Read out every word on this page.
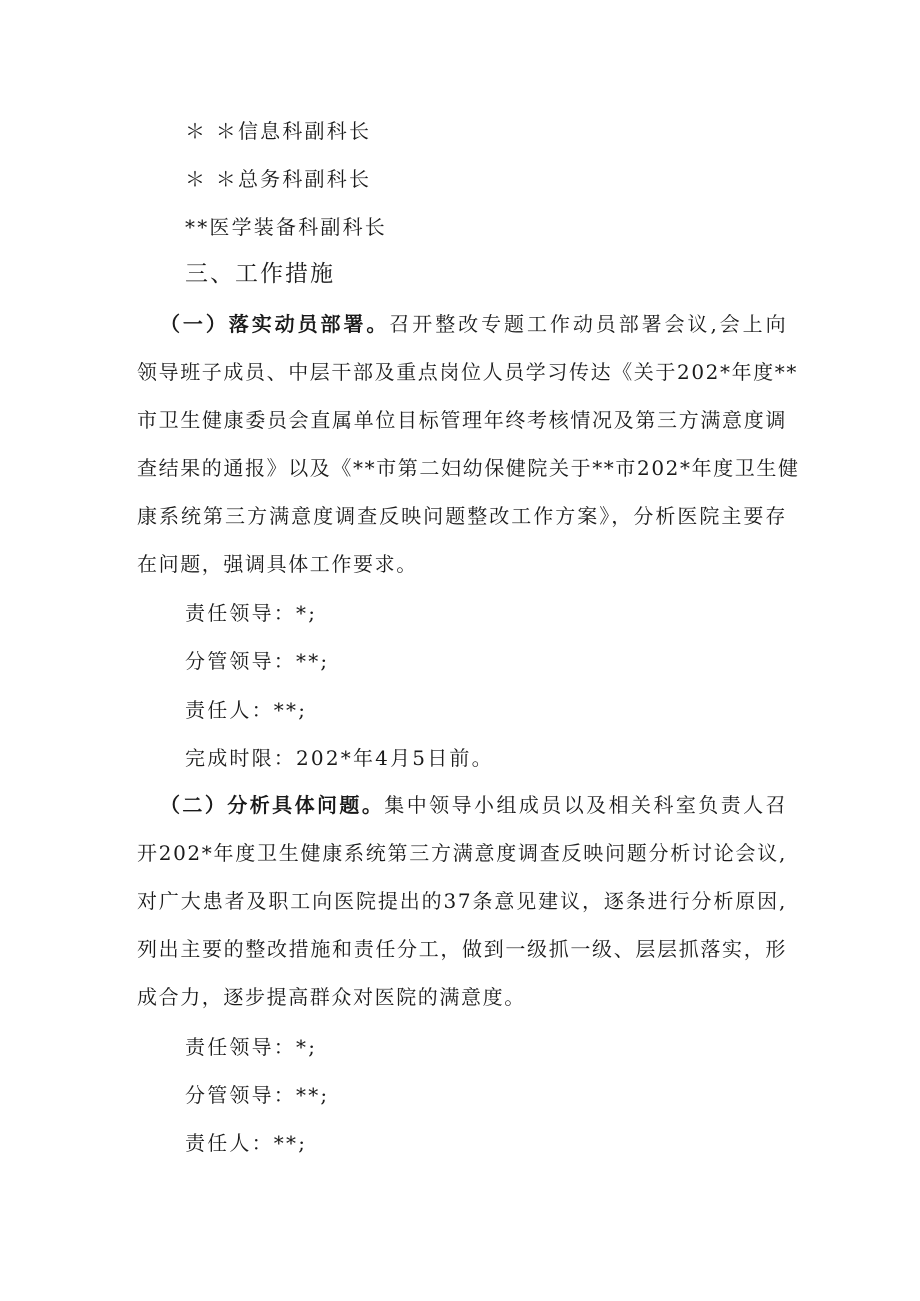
＊ ＊信息科副科长
＊ ＊总务科副科长
**医学装备科副科长
三、工作措施
（一）落实动员部署。召开整改专题工作动员部署会议,会上向
领导班子成员、中层干部及重点岗位人员学习传达《关于202*年度**
市卫生健康委员会直属单位目标管理年终考核情况及第三方满意度调
查结果的通报》以及《**市第二妇幼保健院关于**市202*年度卫生健
康系统第三方满意度调查反映问题整改工作方案》，分析医院主要存
在问题，强调具体工作要求。
责任领导：*;
分管领导：**;
责任人：**;
完成时限：202*年4月5日前。
（二）分析具体问题。集中领导小组成员以及相关科室负责人召
开202*年度卫生健康系统第三方满意度调查反映问题分析讨论会议,
对广大患者及职工向医院提出的37条意见建议，逐条进行分析原因,
列出主要的整改措施和责任分工，做到一级抓一级、层层抓落实，形
成合力，逐步提高群众对医院的满意度。
责任领导：*;
分管领导：**;
责任人：**;
